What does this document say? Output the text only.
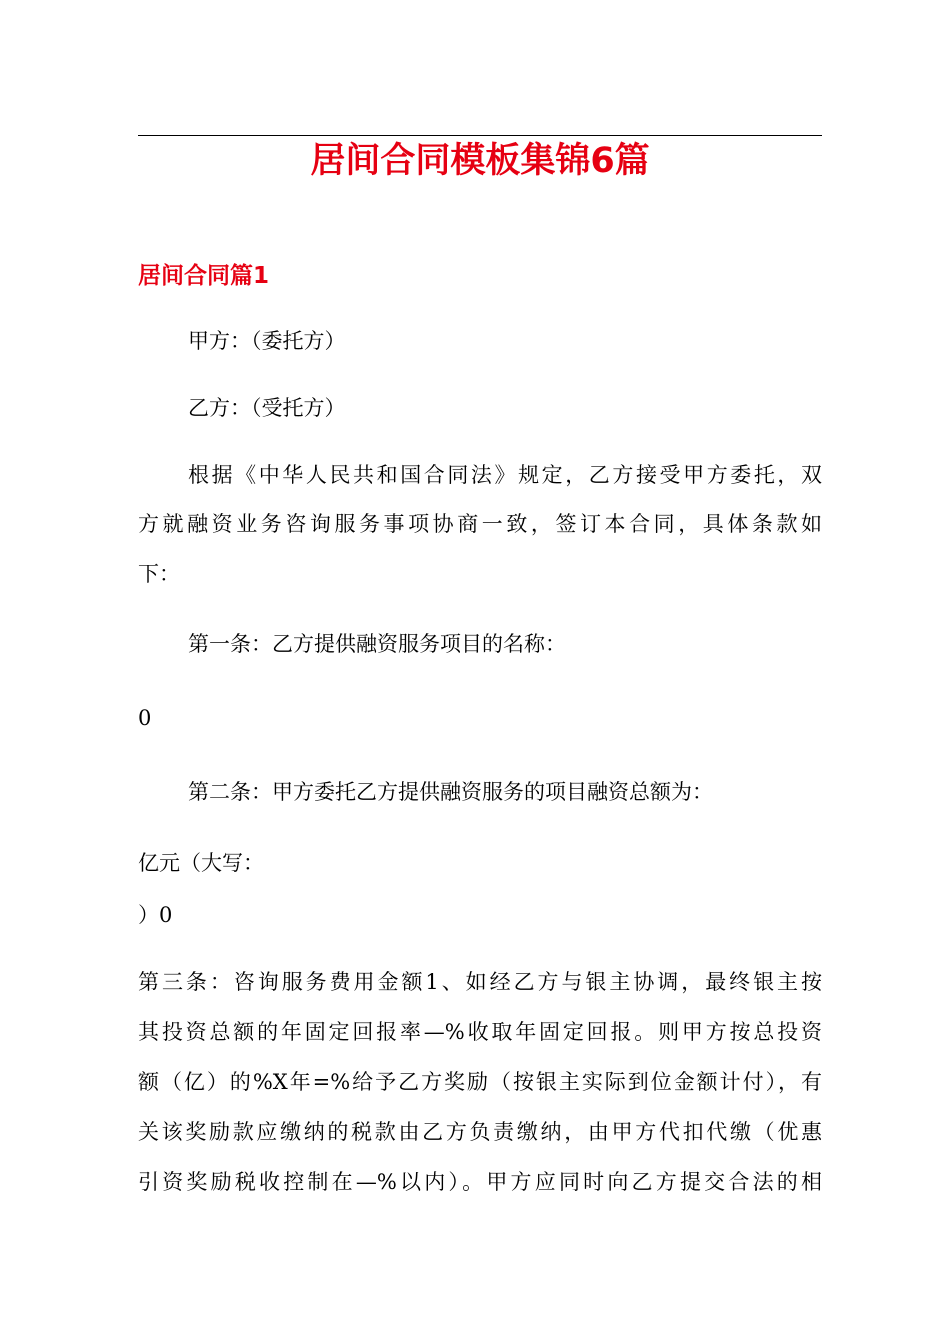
居间合同模板集锦6篇
居间合同篇1

甲方：（委托方）

乙方：（受托方）

根据《中华人民共和国合同法》规定，乙方接受甲方委托，双

方就融资业务咨询服务事项协商一致，签订本合同，具体条款如

下：

第一条：乙方提供融资服务项目的名称：

0

第二条：甲方委托乙方提供融资服务的项目融资总额为：

亿元（大写：

）0

第三条：咨询服务费用金额1、如经乙方与银主协调，最终银主按

其投资总额的年固定回报率—%收取年固定回报。则甲方按总投资

额（亿）的%X年=%给予乙方奖励（按银主实际到位金额计付），有

关该奖励款应缴纳的税款由乙方负责缴纳，由甲方代扣代缴（优惠

引资奖励税收控制在—%以内）。甲方应同时向乙方提交合法的相
